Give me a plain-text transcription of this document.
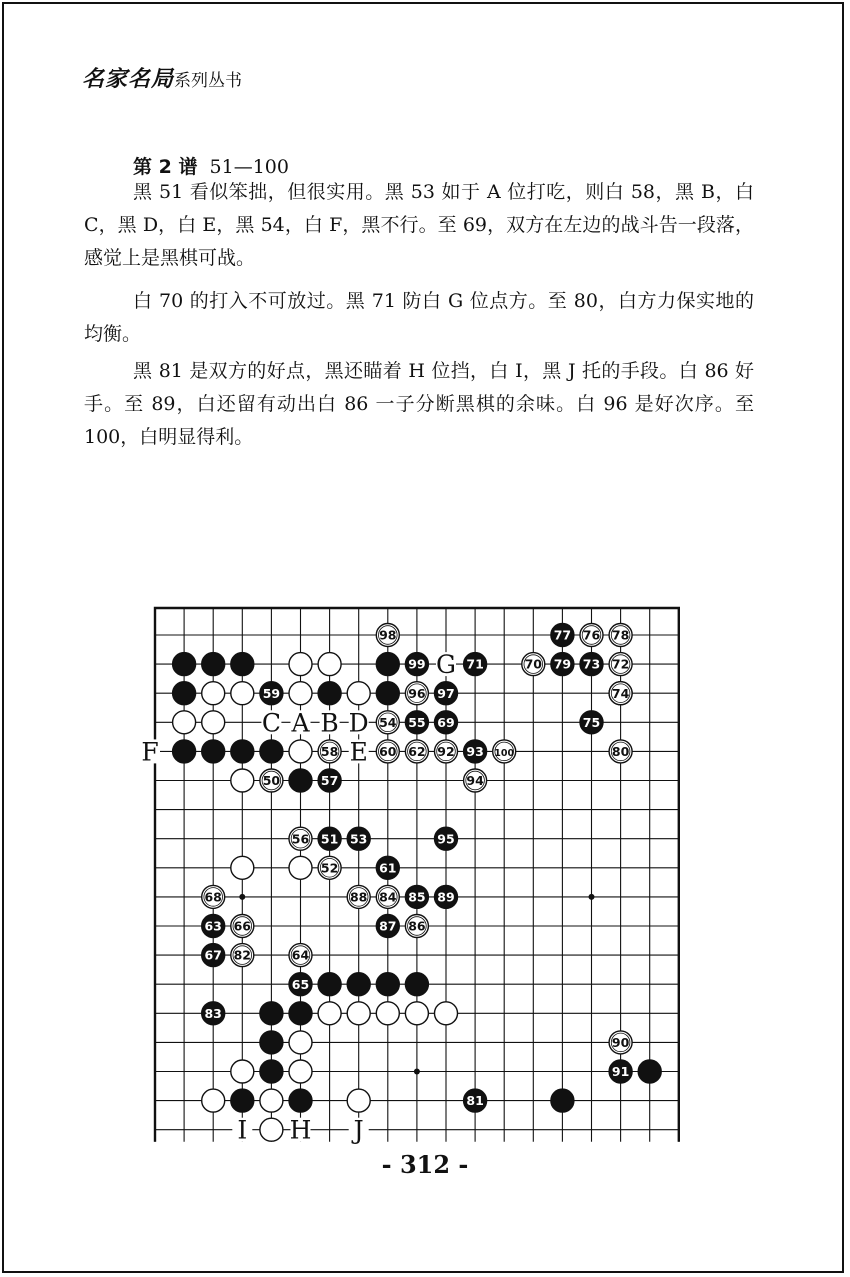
名家名局系列丛书
第 2 谱 51—100

黑 51 看似笨拙，但很实用。黑 53 如于 A 位打吃，则白 58，黑 B，白 C，黑 D，白 E，黑 54，白 F，黑不行。至 69，双方在左边的战斗告一段落，感觉上是黑棋可战。

白 70 的打入不可放过。黑 71 防白 G 位点方。至 80，白方力保实地的均衡。

黑 81 是双方的好点，黑还瞄着 H 位挡，白 I，黑 J 托的手段。白 86 好手。至 89，白还留有动出白 86 一子分断黑棋的余味。白 96 是好次序。至 100，白明显得利。

G
C A B D
E
I H J
F
51
52
53
54 55
56
57
58
59
50
60
61
62
63
64
65
66
67
68
69
70
71	72
73
74
75
76
77	78
79
80
81
82
83
84 85
86
87
88	89
90
91
92 93
94
95
96 97
98
99
100
- 312 -
